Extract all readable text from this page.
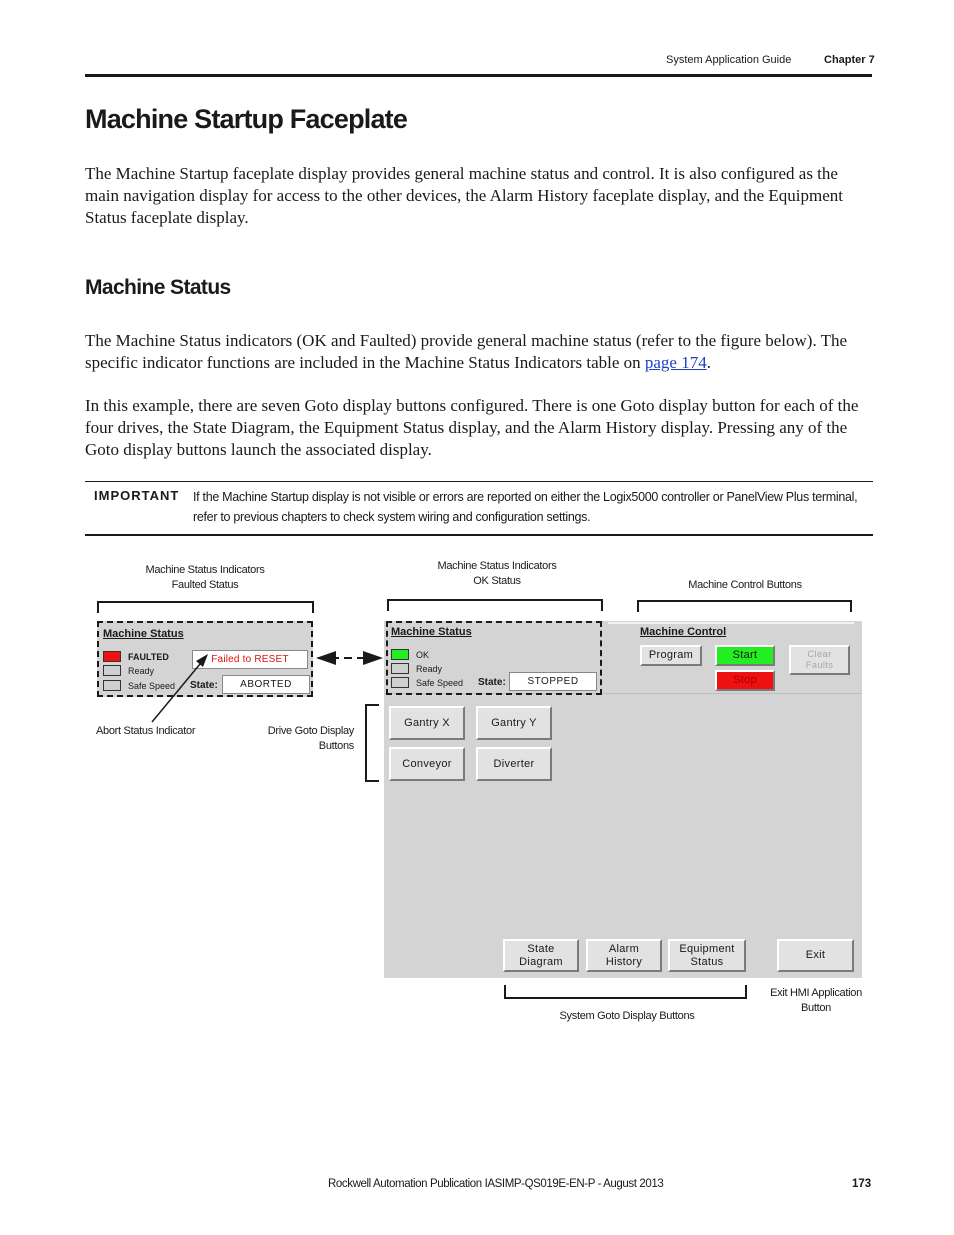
System Application Guide	Chapter 7
Machine Startup Faceplate
The Machine Startup faceplate display provides general machine status and control. It is also configured as the main navigation display for access to the other devices, the Alarm History faceplate display, and the Equipment Status faceplate display.
Machine Status
The Machine Status indicators (OK and Faulted) provide general machine status (refer to the figure below). The specific indicator functions are included in the Machine Status Indicators table on page 174.
In this example, there are seven Goto display buttons configured. There is one Goto display button for each of the four drives, the State Diagram, the Equipment Status display, and the Alarm History display. Pressing any of the Goto display buttons launch the associated display.
IMPORTANT If the Machine Startup display is not visible or errors are reported on either the Logix5000 controller or PanelView Plus terminal, refer to previous chapters to check system wiring and configuration settings.
Machine Status Indicators
Faulted Status
Machine Status Indicators
OK Status	Machine Control Buttons
Machine Status
FAULTED
Ready
Safe Speed
Failed to RESET
State:	ABORTED
Abort Status Indicator	Drive Goto Display
Buttons
Machine Status
OK
Ready
Safe Speed State:	STOPPED
Machine Control
Program	Start
Stop
Clear
Faults
Gantry X	Gantry Y
Conveyor	Diverter
State
Diagram
Alarm
History
Equipment
Status
Exit
System Goto Display Buttons
Exit HMI Application
Button
Rockwell Automation Publication IASIMP-QS019E-EN-P - August 2013	173
